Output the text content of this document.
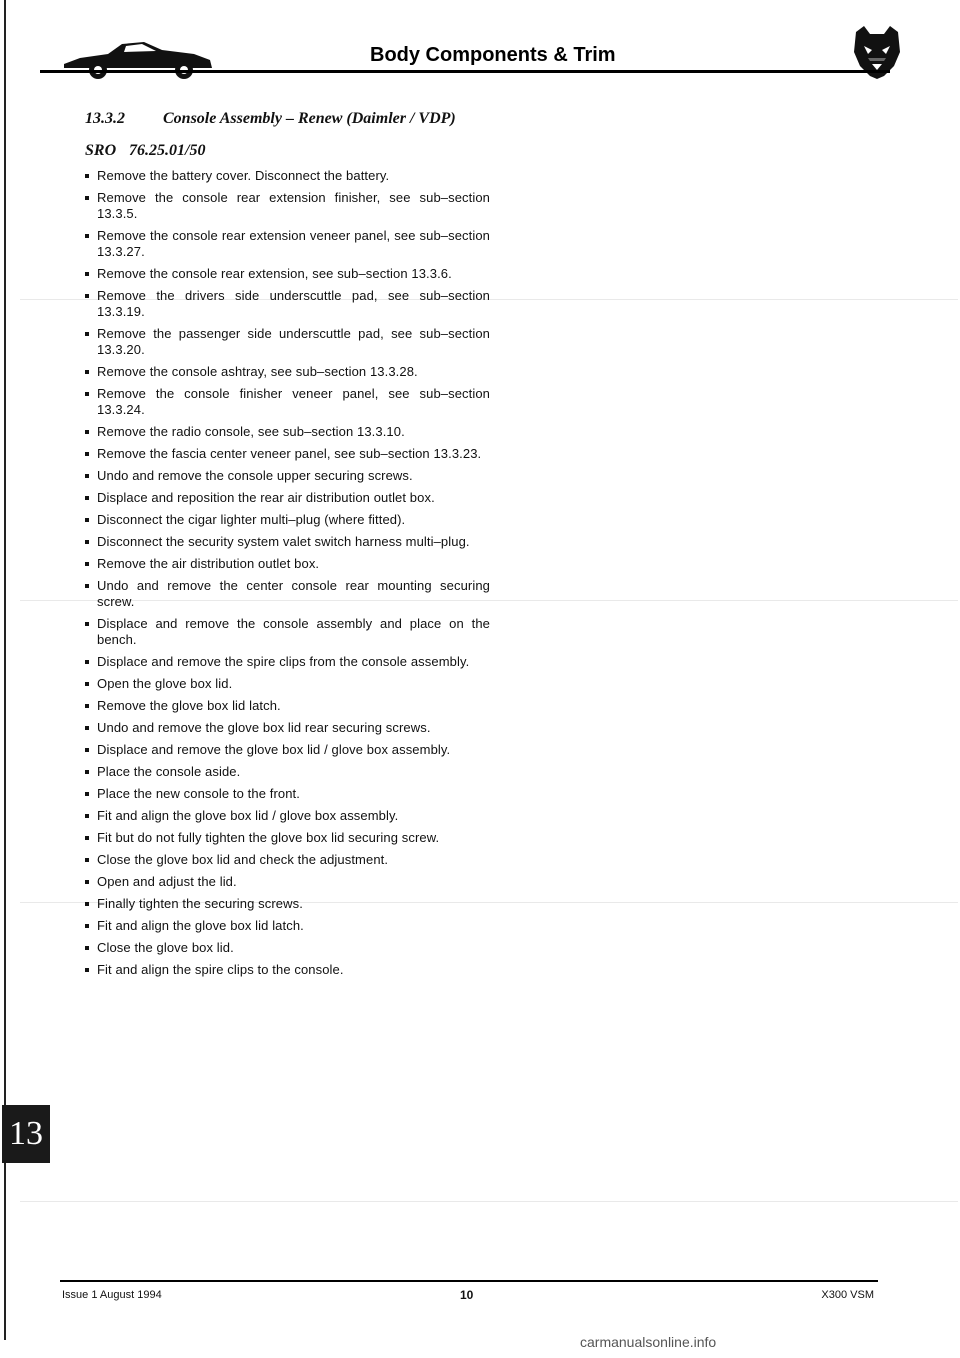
Body Components & Trim
13.3.2 Console Assembly – Renew (Daimler / VDP)
SRO 76.25.01/50
Remove the battery cover. Disconnect the battery.
Remove the console rear extension finisher, see sub–section 13.3.5.
Remove the console rear extension veneer panel, see sub–section 13.3.27.
Remove the console rear extension, see sub–section 13.3.6.
Remove the drivers side underscuttle pad, see sub–section 13.3.19.
Remove the passenger side underscuttle pad, see sub–section 13.3.20.
Remove the console ashtray, see sub–section 13.3.28.
Remove the console finisher veneer panel, see sub–section 13.3.24.
Remove the radio console, see sub–section 13.3.10.
Remove the fascia center veneer panel, see sub–section 13.3.23.
Undo and remove the console upper securing screws.
Displace and reposition the rear air distribution outlet box.
Disconnect the cigar lighter multi–plug (where fitted).
Disconnect the security system valet switch harness multi–plug.
Remove the air distribution outlet box.
Undo and remove the center console rear mounting securing screw.
Displace and remove the console assembly and place on the bench.
Displace and remove the spire clips from the console assembly.
Open the glove box lid.
Remove the glove box lid latch.
Undo and remove the glove box lid rear securing screws.
Displace and remove the glove box lid / glove box assembly.
Place the console aside.
Place the new console to the front.
Fit and align the glove box lid / glove box assembly.
Fit but do not fully tighten the glove box lid securing screw.
Close the glove box lid and check the adjustment.
Open and adjust the lid.
Finally tighten the securing screws.
Fit and align the glove box lid latch.
Close the glove box lid.
Fit and align the spire clips to the console.
13
Issue 1 August 1994	10	X300 VSM
carmanualsonline.info
